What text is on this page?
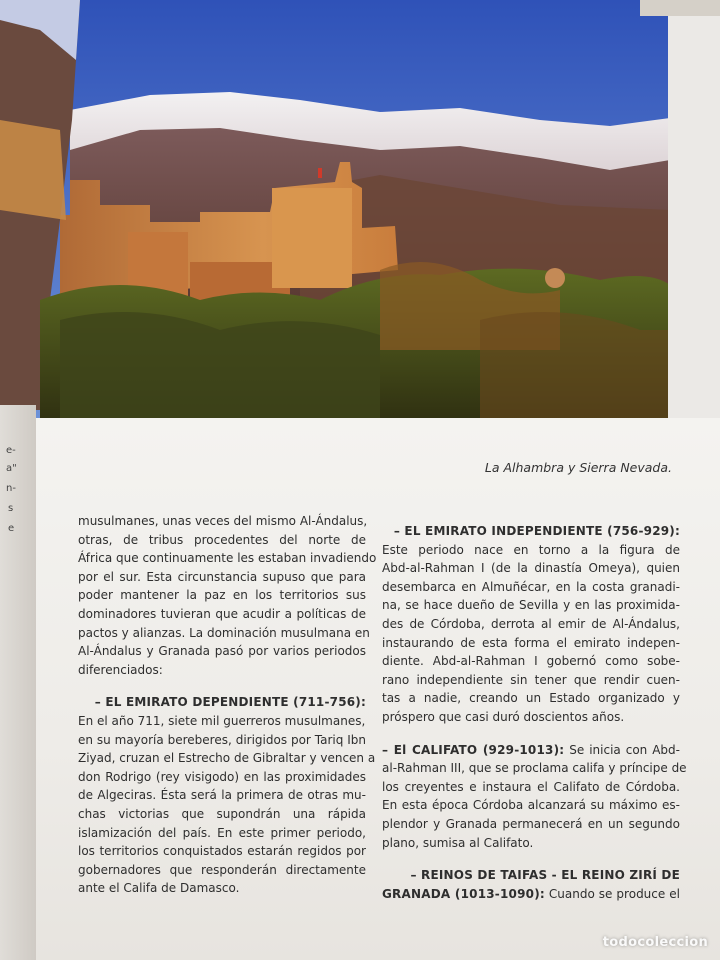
e-
a"
n-
s
e
La Alhambra y Sierra Nevada.
musulmanes, unas veces del mismo Al-Ándalus,
otras, de tribus procedentes del norte de
África que continuamente les estaban invadiendo
por el sur. Esta circunstancia supuso que para
poder mantener la paz en los territorios sus
dominadores tuvieran que acudir a políticas de
pactos y alianzas. La dominación musulmana en
Al-Ándalus y Granada pasó por varios periodos
diferenciados:
– EL EMIRATO DEPENDIENTE (711-756):
En el año 711, siete mil guerreros musulmanes,
en su mayoría bereberes, dirigidos por Tariq Ibn
Ziyad, cruzan el Estrecho de Gibraltar y vencen a
don Rodrigo (rey visigodo) en las proximidades
de Algeciras. Ésta será la primera de otras mu-
chas victorias que supondrán una rápida
islamización del país. En este primer periodo,
los territorios conquistados estarán regidos por
gobernadores que responderán directamente
ante el Califa de Damasco.
– EL EMIRATO INDEPENDIENTE (756-929):
Este periodo nace en torno a la figura de
Abd-al-Rahman I (de la dinastía Omeya), quien
desembarca en Almuñécar, en la costa granadi-
na, se hace dueño de Sevilla y en las proximida-
des de Córdoba, derrota al emir de Al-Ándalus,
instaurando de esta forma el emirato indepen-
diente. Abd-al-Rahman I gobernó como sobe-
rano independiente sin tener que rendir cuen-
tas a nadie, creando un Estado organizado y
próspero que casi duró doscientos años.
– El CALIFATO (929-1013): Se inicia con Abd-
al-Rahman III, que se proclama califa y príncipe de
los creyentes e instaura el Califato de Córdoba.
En esta época Córdoba alcanzará su máximo es-
plendor y Granada permanecerá en un segundo
plano, sumisa al Califato.
– REINOS DE TAIFAS - EL REINO ZIRÍ DE
GRANADA (1013-1090): Cuando se produce el
todocoleccion
